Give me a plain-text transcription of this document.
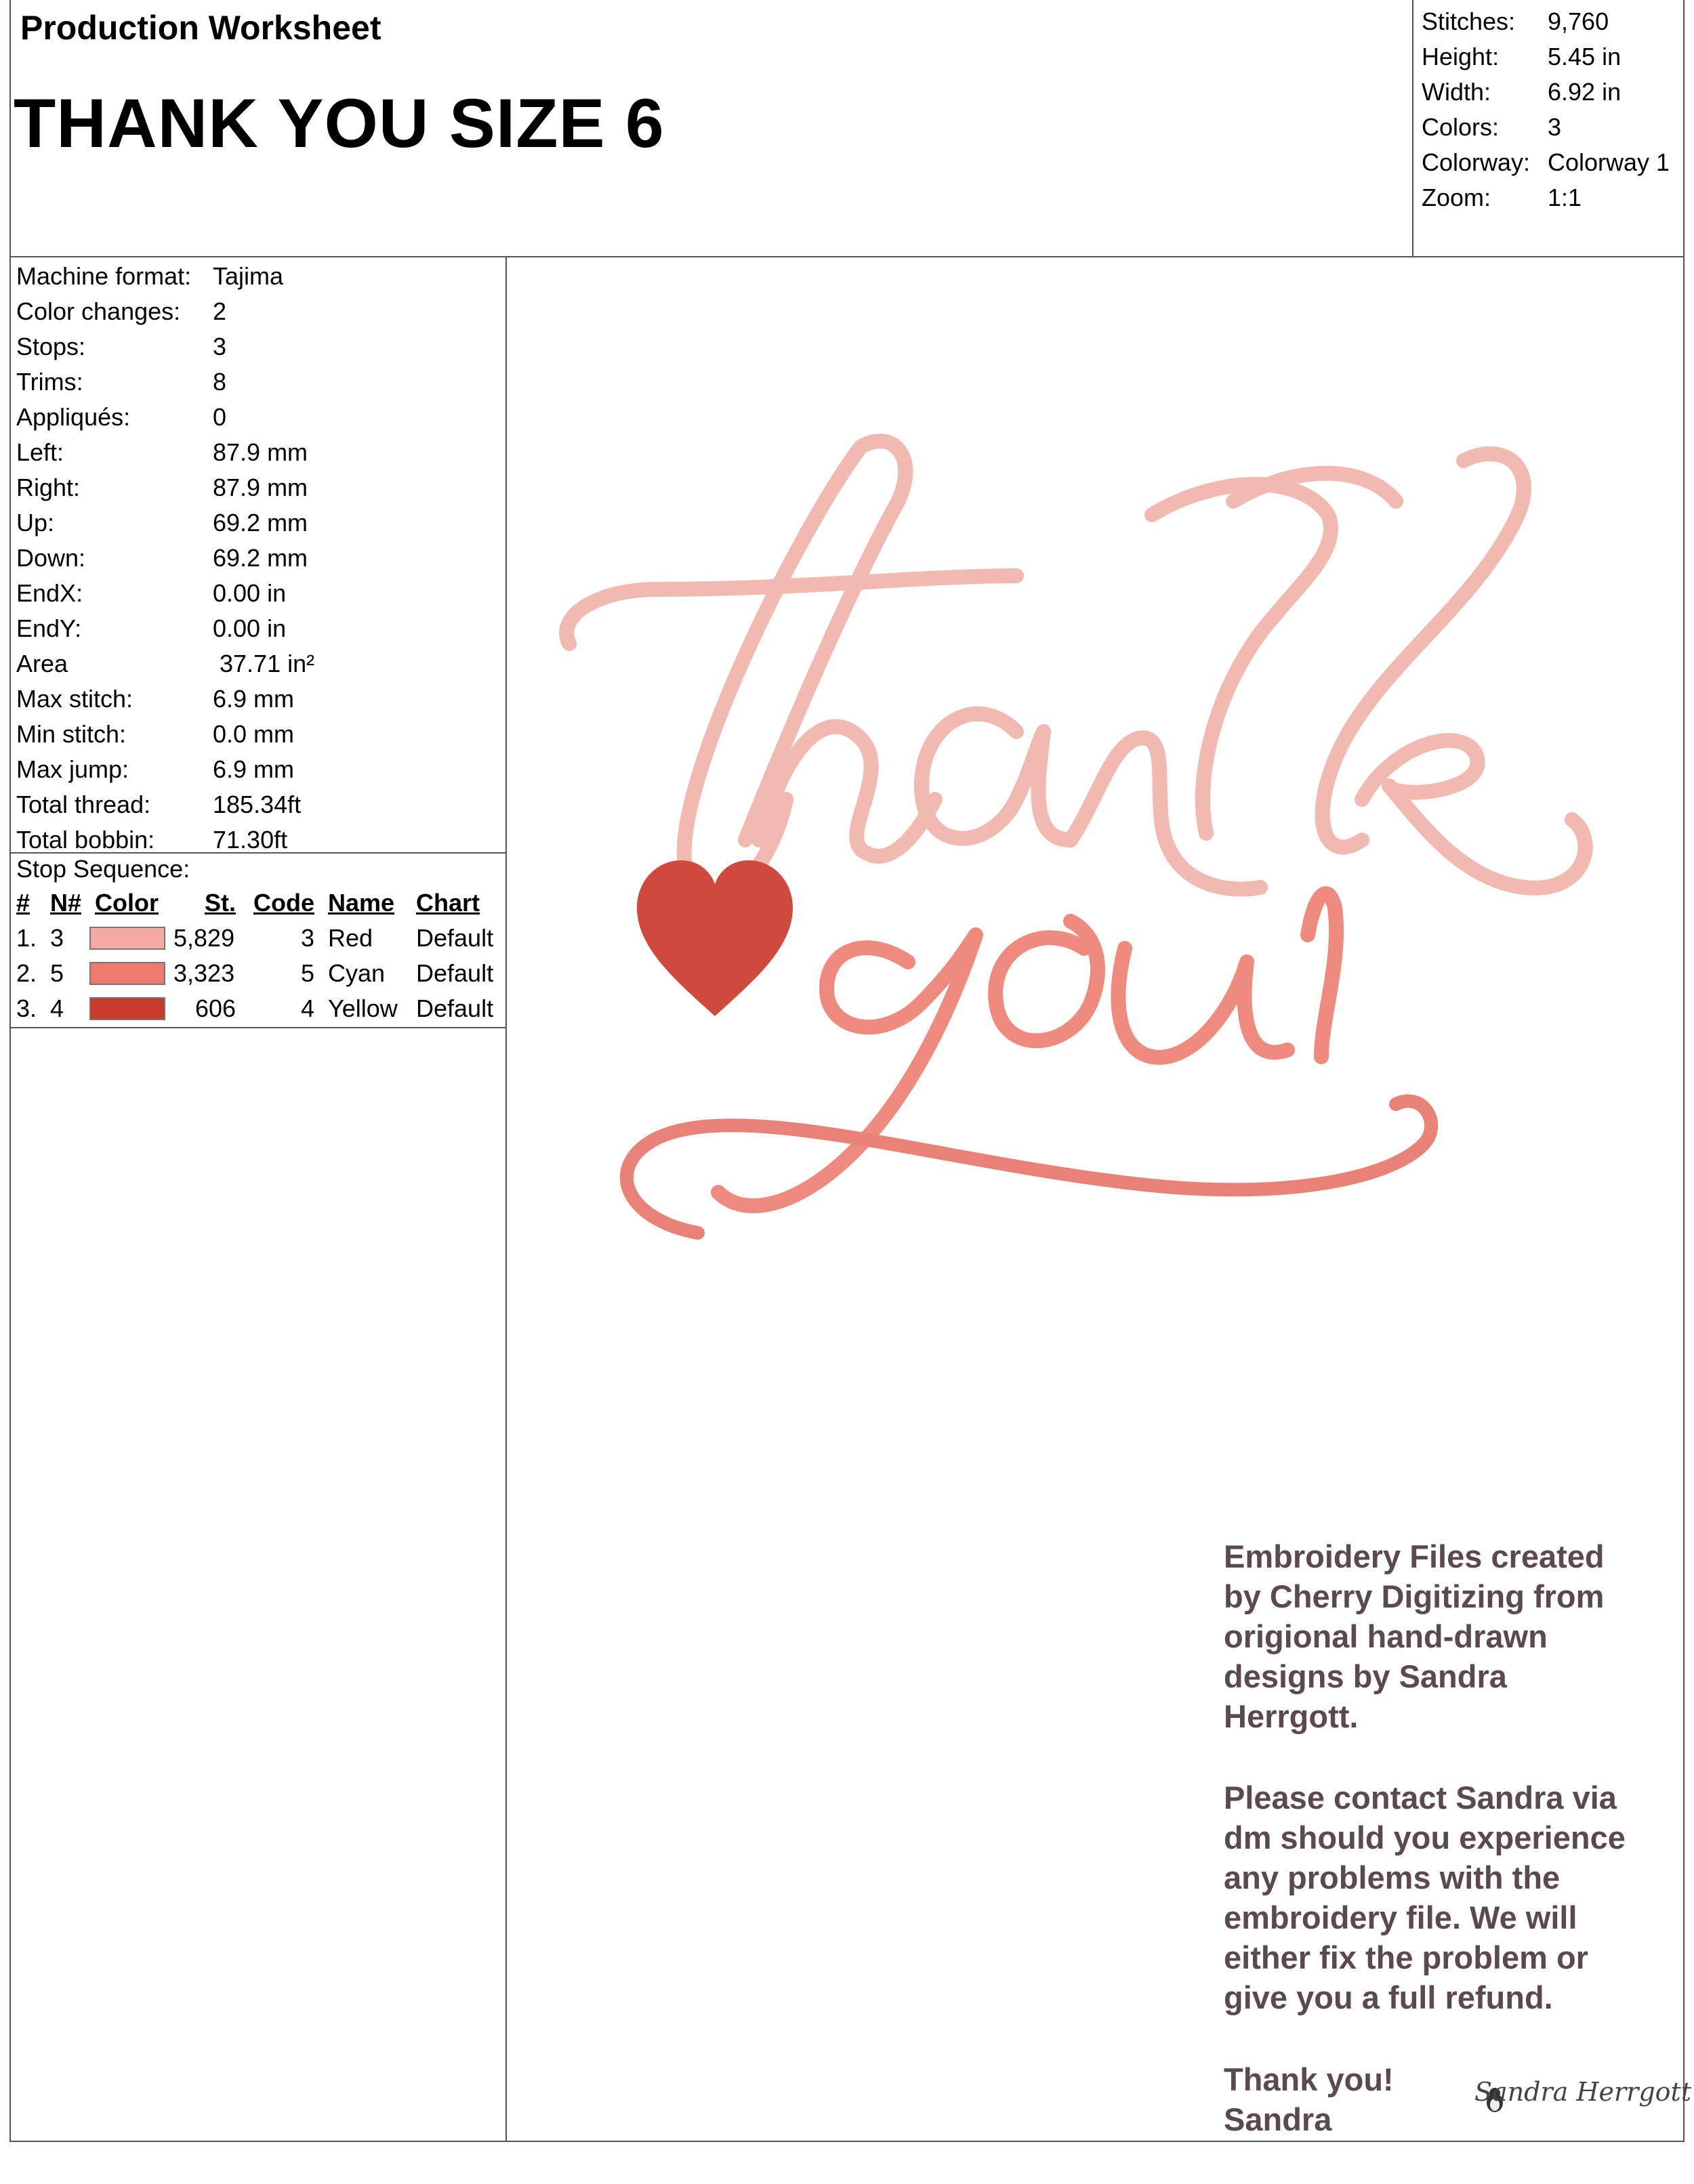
Production Worksheet
THANK YOU SIZE 6
Stitches: 9,760
Height: 5.45 in
Width: 6.92 in
Colors: 3
Colorway: Colorway 1
Zoom: 1:1
Machine format: Tajima
Color changes: 2
Stops:	3
Trims:	8
Appliqués:	0
Left:	87.9 mm
Right:	87.9 mm
Up:	69.2 mm
Down:	69.2 mm
EndX:	0.00 in
EndY:	0.00 in
Area	37.71 in²
Max stitch:	6.9 mm
Min stitch:	0.0 mm
Max jump:	6.9 mm
Total thread:	185.34ft
Total bobbin: 71.30ft
Stop Sequence:
# N# Color St. Code Name Chart
1. 3	5,829	3 Red Default
2. 5	3,323	5 Cyan Default
3. 4	606	4 Yellow Default
Embroidery Files created
by Cherry Digitizing from
origional hand-drawn
designs by Sandra
Herrgott.
Please contact Sandra via
dm should you experience
any problems with the
embroidery file. We will
either fix the problem or
give you a full refund.
Thank you!
Sandra
Sandra Herrgott
